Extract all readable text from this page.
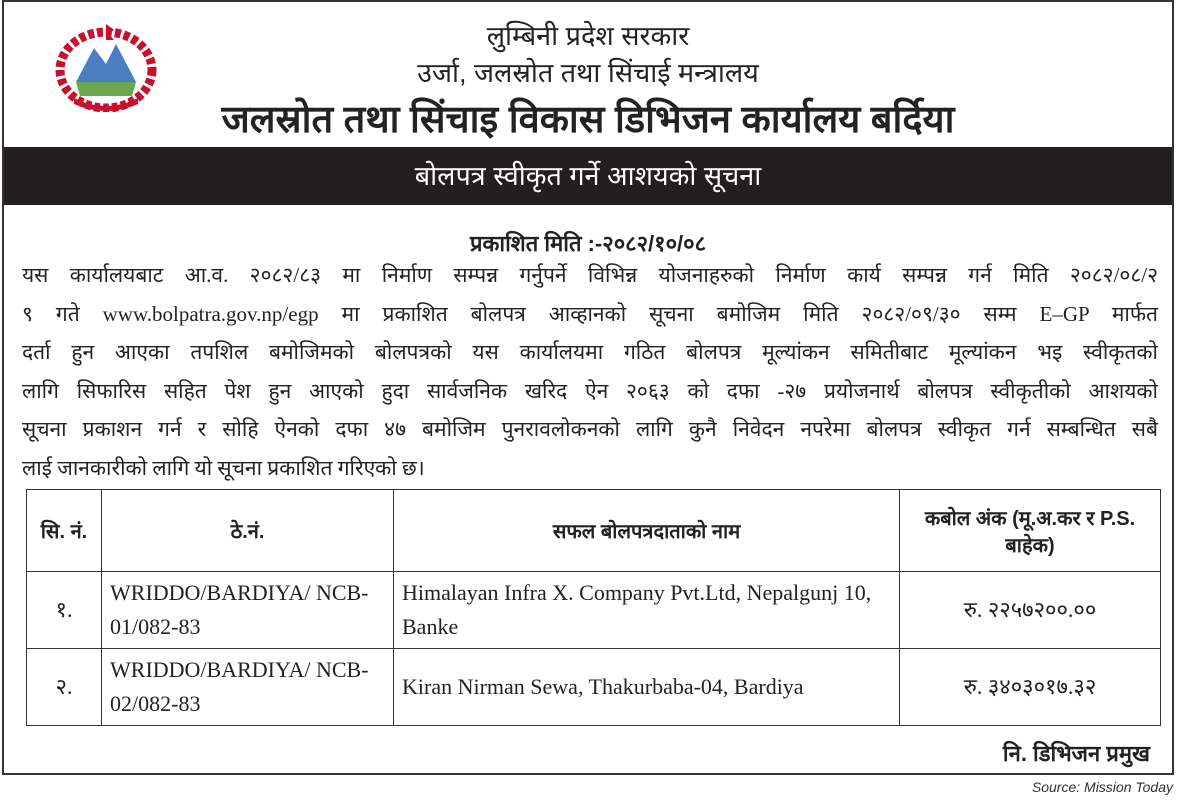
लुम्बिनी प्रदेश सरकार
उर्जा, जलस्रोत तथा सिंचाई मन्त्रालय
जलस्रोत तथा सिंचाइ विकास डिभिजन कार्यालय बर्दिया
बोलपत्र स्वीकृत गर्ने आशयको सूचना
प्रकाशित मिति :-२०८२/१०/०८
यस कार्यालयबाट आ.व. २०८२/८३ मा निर्माण सम्पन्न गर्नुपर्ने विभिन्न योजनाहरुको निर्माण कार्य सम्पन्न गर्न मिति २०८२/०८/२
९ गते www.bolpatra.gov.np/egp मा प्रकाशित बोलपत्र आव्हानको सूचना बमोजिम मिति २०८२/०९/३० सम्म E–GP मार्फत
दर्ता हुन आएका तपशिल बमोजिमको बोलपत्रको यस कार्यालयमा गठित बोलपत्र मूल्यांकन समितीबाट मूल्यांकन भइ स्वीकृतको
लागि सिफारिस सहित पेश हुन आएको हुदा सार्वजनिक खरिद ऐन २०६३ को दफा -२७ प्रयोजनार्थ बोलपत्र स्वीकृतीको आशयको
सूचना प्रकाशन गर्न र सोहि ऐनको दफा ४७ बमोजिम पुनरावलोकनको लागि कुनै निवेदन नपरेमा बोलपत्र स्वीकृत गर्न सम्बन्धित सबै
लाई जानकारीको लागि यो सूचना प्रकाशित गरिएको छ।
सि. नं.	ठे.नं.	सफल बोलपत्रदाताको नाम	कबोल अंक (मू.अ.कर र P.S. बाहेक)
१.	WRIDDO/BARDIYA/ NCB-01/082-83	Himalayan Infra X. Company Pvt.Ltd, Nepalgunj 10, Banke	रु. २२५७२००.००
२.	WRIDDO/BARDIYA/ NCB-02/082-83	Kiran Nirman Sewa, Thakurbaba-04, Bardiya	रु. ३४०३०१७.३२
नि. डिभिजन प्रमुख
Source: Mission Today
